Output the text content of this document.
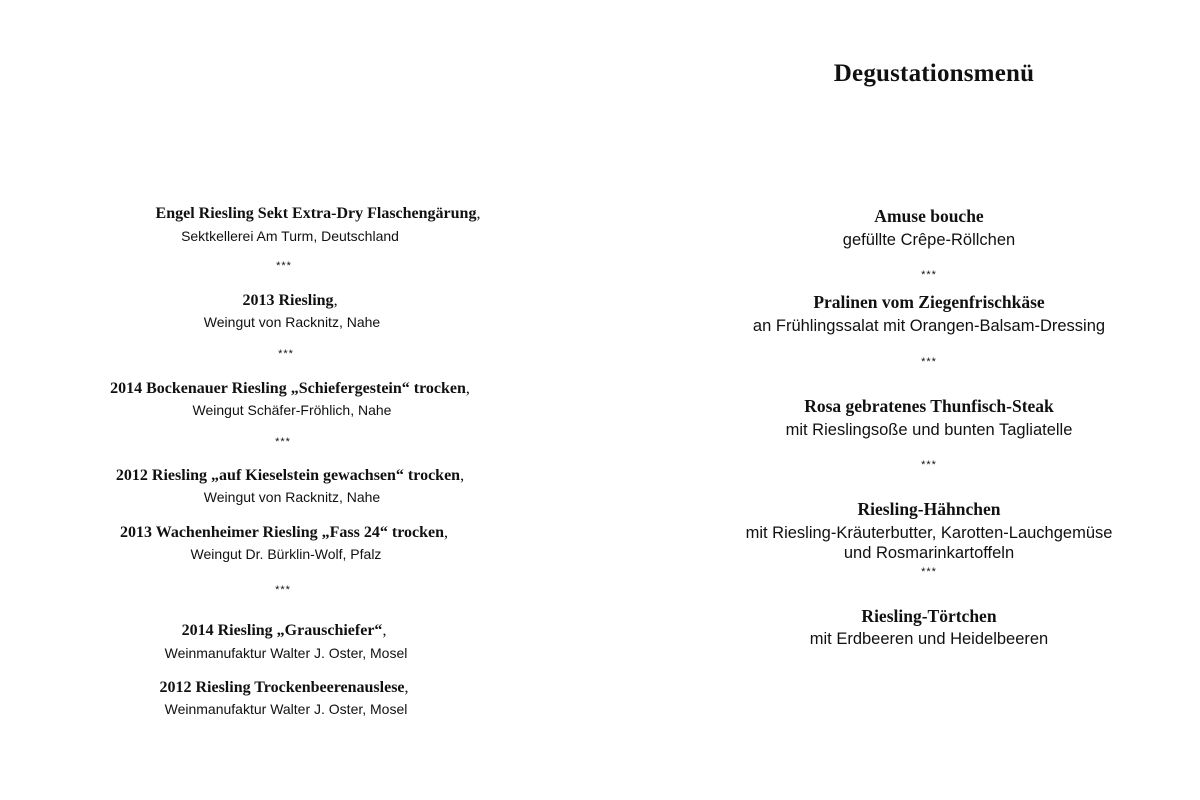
Degustationsmenü
Engel Riesling Sekt Extra-Dry Flaschengärung,
Sektkellerei Am Turm, Deutschland
***
2013 Riesling,
Weingut von Racknitz, Nahe
***
2014 Bockenauer Riesling „Schiefergestein“ trocken,
Weingut Schäfer-Fröhlich, Nahe
***
2012 Riesling „auf Kieselstein gewachsen“ trocken,
Weingut von Racknitz, Nahe
2013 Wachenheimer Riesling „Fass 24“ trocken,
Weingut Dr. Bürklin-Wolf, Pfalz
***
2014 Riesling „Grauschiefer“,
Weinmanufaktur Walter J. Oster, Mosel
2012 Riesling Trockenbeerenauslese,
Weinmanufaktur Walter J. Oster, Mosel
Amuse bouche
gefüllte Crêpe-Röllchen
***
Pralinen vom Ziegenfrischkäse
an Frühlingssalat mit Orangen-Balsam-Dressing
***
Rosa gebratenes Thunfisch-Steak
mit Rieslingsoße und bunten Tagliatelle
***
Riesling-Hähnchen
mit Riesling-Kräuterbutter, Karotten-Lauchgemüse
und Rosmarinkartoffeln
***
Riesling-Törtchen
mit Erdbeeren und Heidelbeeren
